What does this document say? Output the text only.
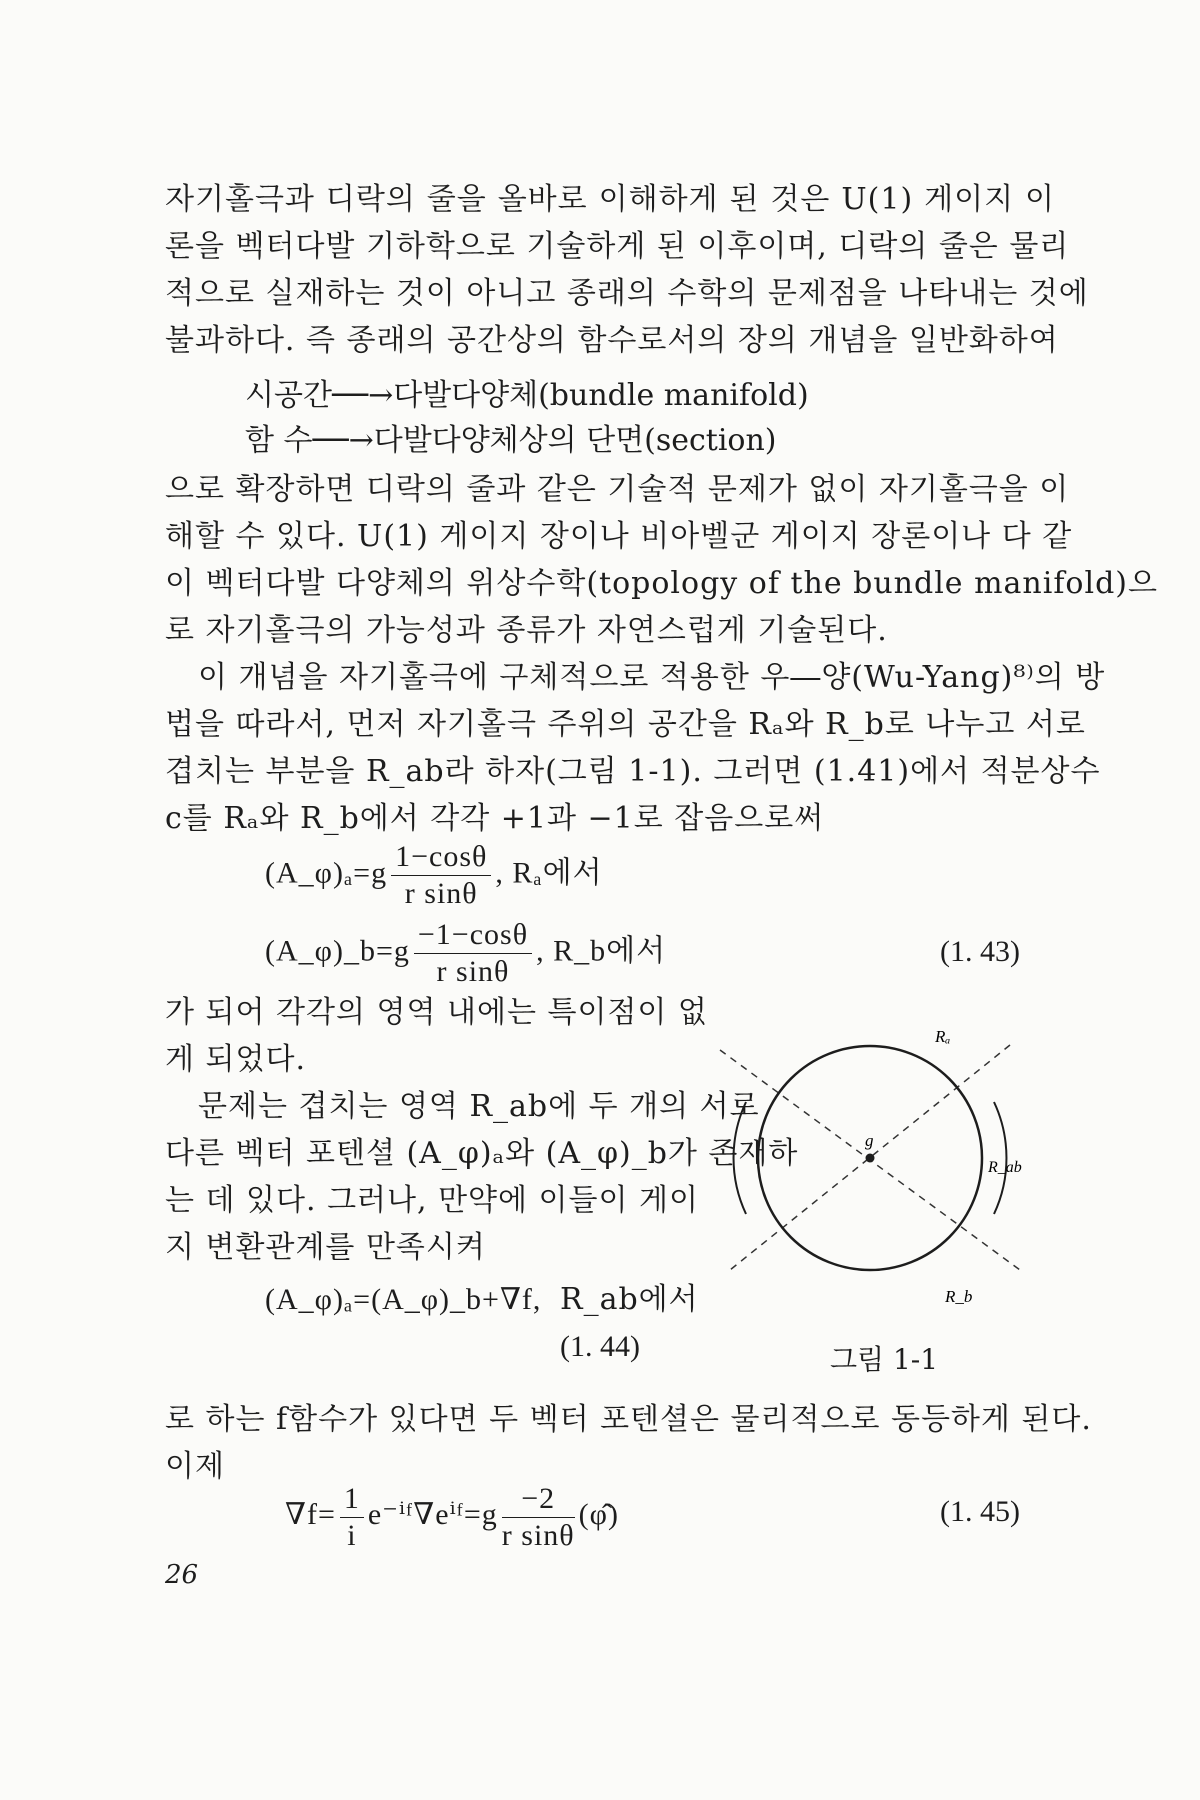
자기홀극과 디락의 줄을 올바로 이해하게 된 것은 U(1) 게이지 이
론을 벡터다발 기하학으로 기술하게 된 이후이며, 디락의 줄은 물리
적으로 실재하는 것이 아니고 종래의 수학의 문제점을 나타내는 것에
불과하다. 즉 종래의 공간상의 함수로서의 장의 개념을 일반화하여
시공간──→다발다양체(bundle manifold)
함 수──→다발다양체상의 단면(section)
으로 확장하면 디락의 줄과 같은 기술적 문제가 없이 자기홀극을 이
해할 수 있다. U(1) 게이지 장이나 비아벨군 게이지 장론이나 다 같
이 벡터다발 다양체의 위상수학(topology of the bundle manifold)으
로 자기홀극의 가능성과 종류가 자연스럽게 기술된다.
이 개념을 자기홀극에 구체적으로 적용한 우―양(Wu-Yang)⁸⁾의 방
법을 따라서, 먼저 자기홀극 주위의 공간을 Rₐ와 R_b로 나누고 서로
겹치는 부분을 R_ab라 하자(그림 1-1). 그러면 (1.41)에서 적분상수
c를 Rₐ와 R_b에서 각각 +1과 −1로 잡음으로써
(A_φ)ₐ=g $\frac{1-\cos\theta}{\text{r sinθ}}$ , Rₐ에서
(A_φ)_b=g $\frac{-1-\cos\theta}{\text{r sinθ}}$ , R_b에서	(1. 43)
가 되어 각각의 영역 내에는 특이점이 없
게 되었다.
문제는 겹치는 영역 R_ab에 두 개의 서로
다른 벡터 포텐셜 (A_φ)ₐ와 (A_φ)_b가 존재하
는 데 있다. 그러나, 만약에 이들이 게이
지 변환관계를 만족시켜
(A_φ)ₐ=(A_φ)_b+∇f, R_ab에서
(1. 44)
g
Rₐ
R_ab
R_b
그림 1-1
로 하는 f함수가 있다면 두 벡터 포텐셜은 물리적으로 동등하게 된다.
이제
$\nabla f= \frac{1}{i}$ e⁻ⁱᶠ∇eⁱᶠ=g $\frac{-2}{\text{r sinθ}}$ (φ̂)	(1. 45)
26
